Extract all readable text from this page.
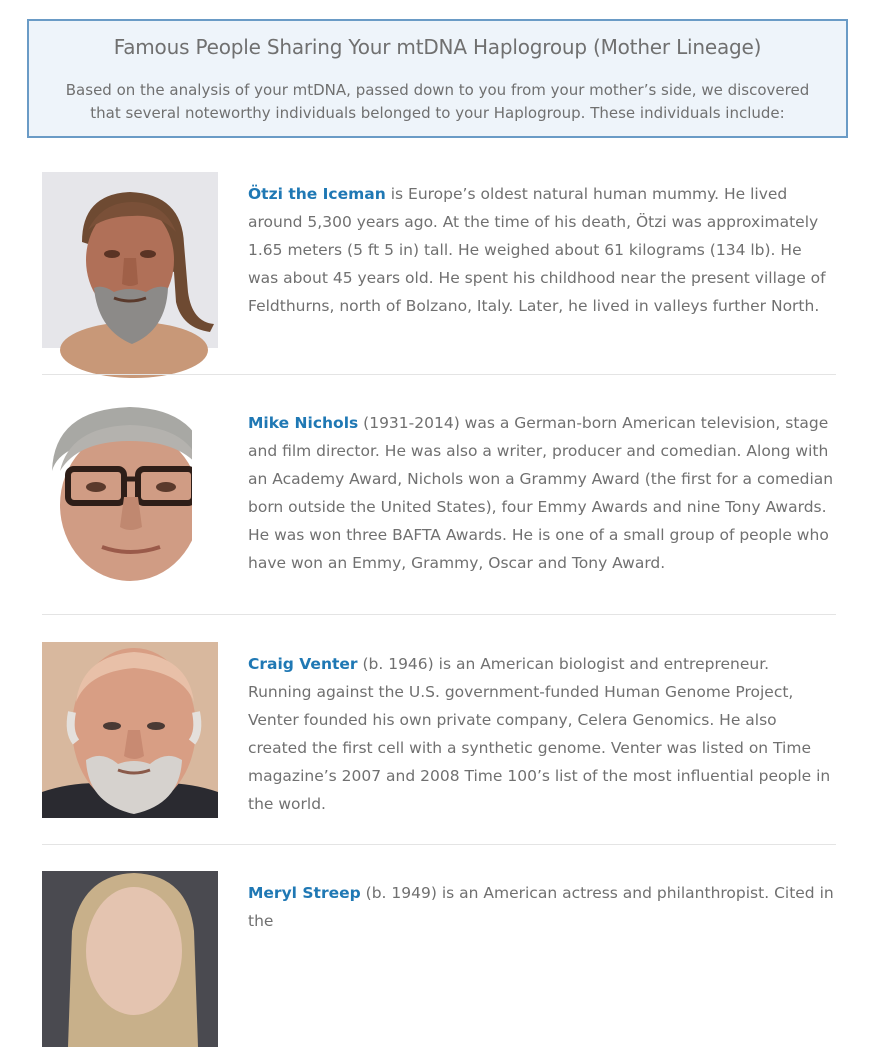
Famous People Sharing Your mtDNA Haplogroup (Mother Lineage)

Based on the analysis of your mtDNA, passed down to you from your mother’s side, we discovered that several noteworthy individuals belonged to your Haplogroup. These individuals include:

Ötzi the Iceman is Europe’s oldest natural human mummy. He lived around 5,300 years ago. At the time of his death, Ötzi was approximately 1.65 meters (5 ft 5 in) tall. He weighed about 61 kilograms (134 lb). He was about 45 years old. He spent his childhood near the present village of Feldthurns, north of Bolzano, Italy. Later, he lived in valleys further North.

Mike Nichols (1931-2014) was a German-born American television, stage and film director. He was also a writer, producer and comedian. Along with an Academy Award, Nichols won a Grammy Award (the first for a comedian born outside the United States), four Emmy Awards and nine Tony Awards. He was won three BAFTA Awards. He is one of a small group of people who have won an Emmy, Grammy, Oscar and Tony Award.

Craig Venter (b. 1946) is an American biologist and entrepreneur. Running against the U.S. government-funded Human Genome Project, Venter founded his own private company, Celera Genomics. He also created the first cell with a synthetic genome. Venter was listed on Time magazine’s 2007 and 2008 Time 100’s list of the most influential people in the world.

Meryl Streep (b. 1949) is an American actress and philanthropist. Cited in the
